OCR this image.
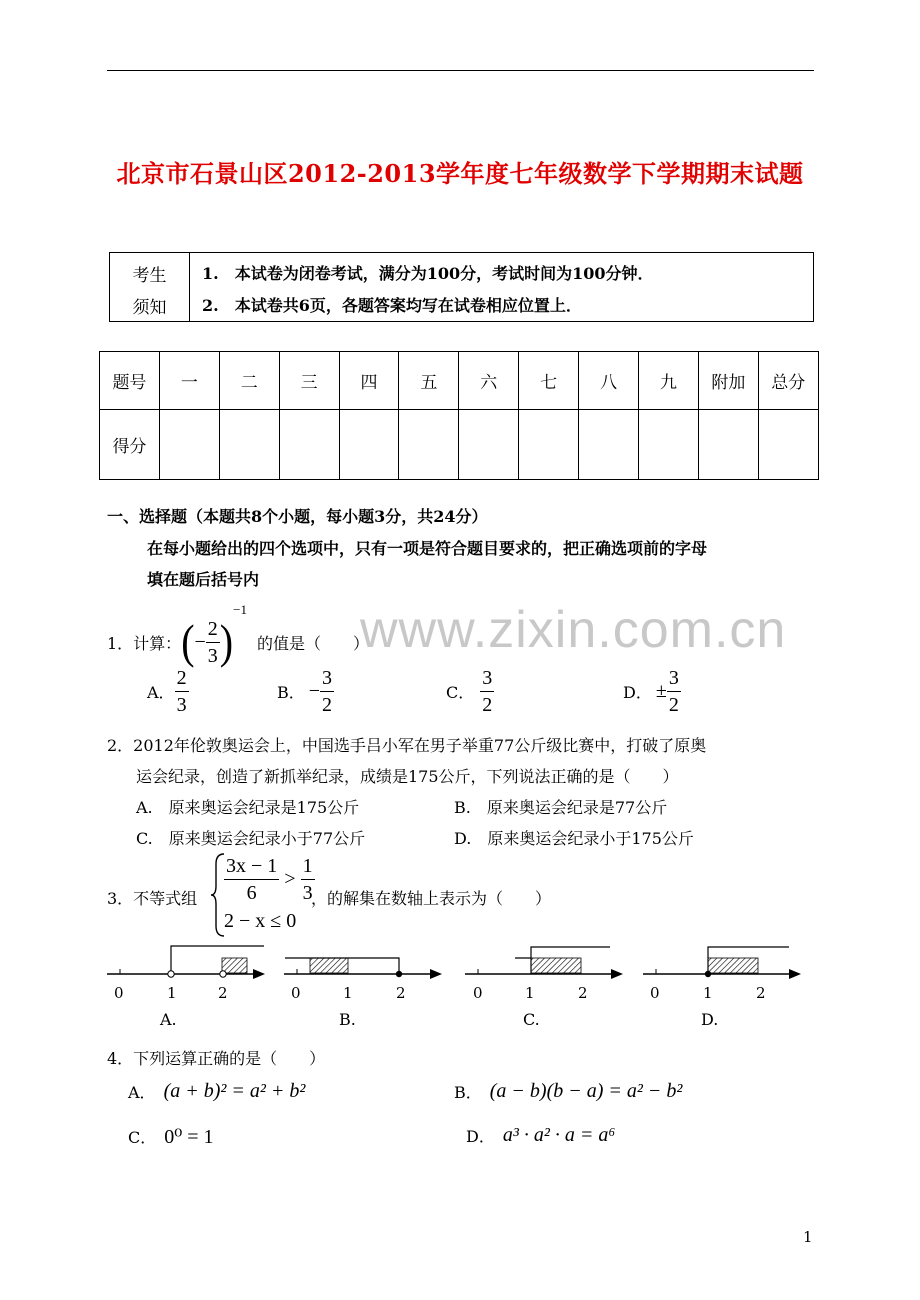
北京市石景山区2012-2013学年度七年级数学下学期期末试题
考生
须知
1.　本试卷为闭卷考试，满分为100分，考试时间为100分钟．
2.　本试卷共6页，各题答案均写在试卷相应位置上．
题号	一	二	三	四	五	六	七	八	九	附加	总分
得分											
一、选择题（本题共8个小题，每小题3分，共24分）
在每小题给出的四个选项中，只有一项是符合题目要求的，把正确选项前的字母
填在题后括号内
www.zixin.com.cn
1．计算： ( − $\frac{2}{3}$ )
−1
的值是（　　）
A． $\frac{2}{3}$	B． − $\frac{3}{2}$	C． $\frac{3}{2}$	D． ± $\frac{3}{2}$
2．2012年伦敦奥运会上，中国选手吕小军在男子举重77公斤级比赛中，打破了原奥
运会纪录，创造了新抓举纪录，成绩是175公斤，下列说法正确的是（　　）
A.　原来奥运会纪录是175公斤	B.　原来奥运会纪录是77公斤
C.　原来奥运会纪录小于77公斤	D.　原来奥运会纪录小于175公斤
3．不等式组 $\frac{3x - 1}{6} > \frac{1}{3}$
，的解集在数轴上表示为（　　）
2 − x ≤ 0
0	1	2	0	1	2	0	1	2	0	1	2
A.	B.	C.	D.
4．下列运算正确的是（　　）
A． (a + b)² = a² + b²	B． (a − b)(b − a) = a² − b²
C． 0⁰ = 1	D． a³ · a² · a = a⁶
1
